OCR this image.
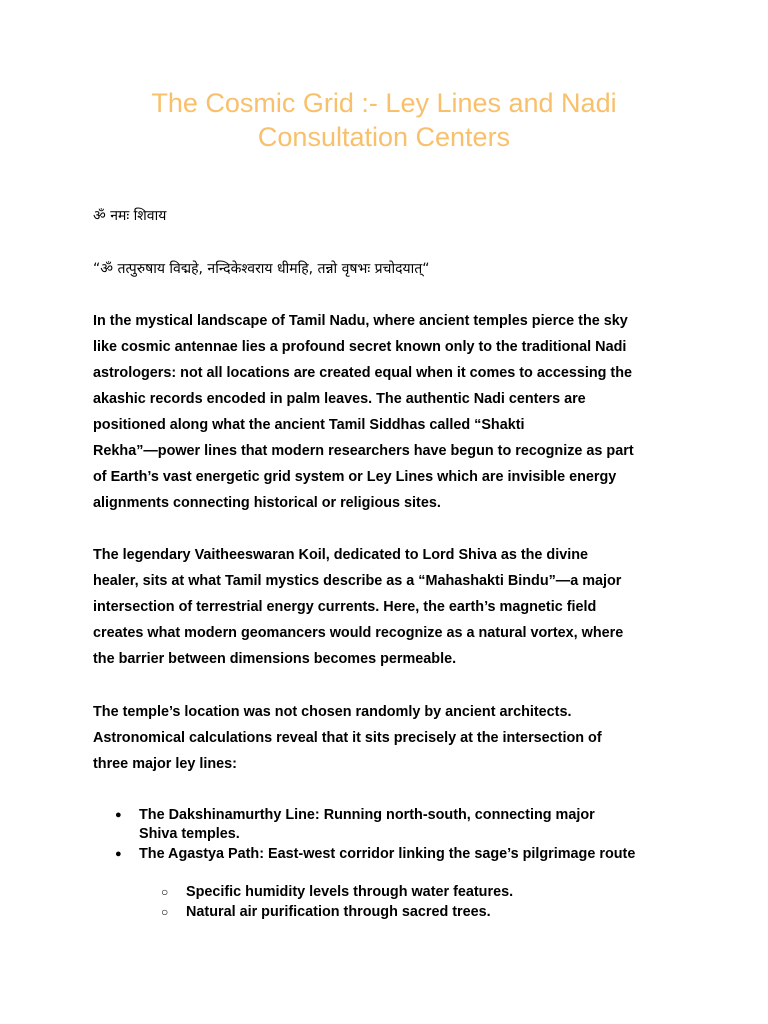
The Cosmic Grid :- Ley Lines and Nadi
Consultation Centers
ॐ नमः शिवाय
“ॐ तत्पुरुषाय विद्महे, नन्दिकेश्वराय धीमहि, तन्नो वृषभः प्रचोदयात्“
In the mystical landscape of Tamil Nadu, where ancient temples pierce the sky
like cosmic antennae lies a profound secret known only to the traditional Nadi
astrologers: not all locations are created equal when it comes to accessing the
akashic records encoded in palm leaves. The authentic Nadi centers are
positioned along what the ancient Tamil Siddhas called “Shakti
Rekha”—power lines that modern researchers have begun to recognize as part
of Earth’s vast energetic grid system or Ley Lines which are invisible energy
alignments connecting historical or religious sites.
The legendary Vaitheeswaran Koil, dedicated to Lord Shiva as the divine
healer, sits at what Tamil mystics describe as a “Mahashakti Bindu”—a major
intersection of terrestrial energy currents. Here, the earth’s magnetic field
creates what modern geomancers would recognize as a natural vortex, where
the barrier between dimensions becomes permeable.
The temple’s location was not chosen randomly by ancient architects.
Astronomical calculations reveal that it sits precisely at the intersection of
three major ley lines:
● The Dakshinamurthy Line: Running north-south, connecting major
Shiva temples.
● The Agastya Path: East-west corridor linking the sage’s pilgrimage route
○ Specific humidity levels through water features.
○ Natural air purification through sacred trees.
